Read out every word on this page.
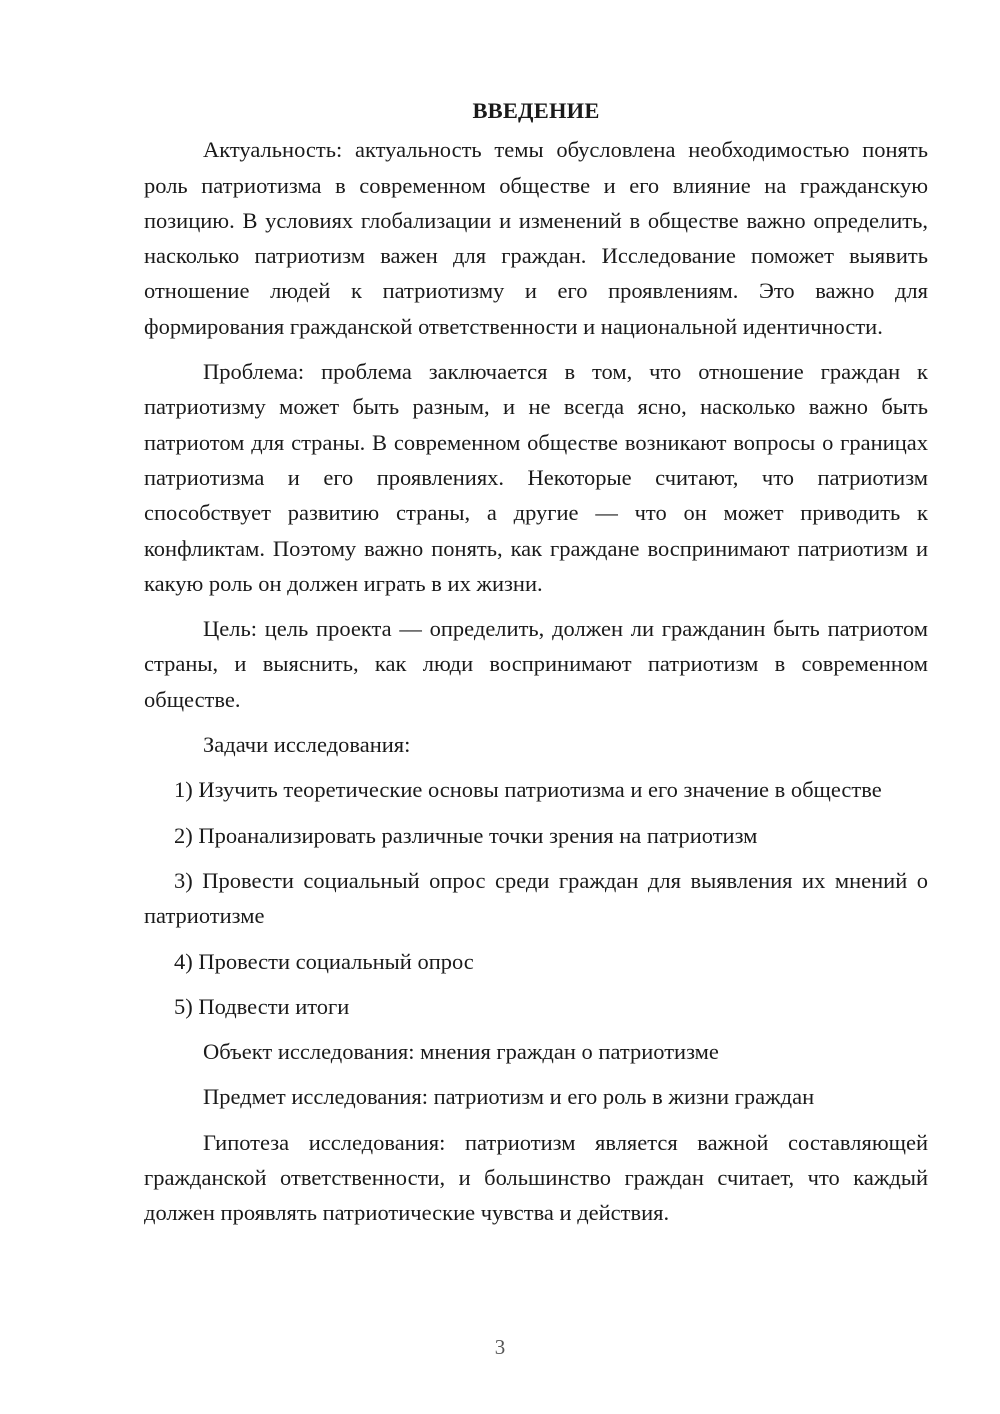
ВВЕДЕНИЕ

Актуальность: актуальность темы обусловлена необходимостью понять роль патриотизма в современном обществе и его влияние на гражданскую позицию. В условиях глобализации и изменений в обществе важно определить, насколько патриотизм важен для граждан. Исследование поможет выявить отношение людей к патриотизму и его проявлениям. Это важно для формирования гражданской ответственности и национальной идентичности.

Проблема: проблема заключается в том, что отношение граждан к патриотизму может быть разным, и не всегда ясно, насколько важно быть патриотом для страны. В современном обществе возникают вопросы о границах патриотизма и его проявлениях. Некоторые считают, что патриотизм способствует развитию страны, а другие — что он может приводить к конфликтам. Поэтому важно понять, как граждане воспринимают патриотизм и какую роль он должен играть в их жизни.

Цель: цель проекта — определить, должен ли гражданин быть патриотом страны, и выяснить, как люди воспринимают патриотизм в современном обществе.

Задачи исследования:

1) Изучить теоретические основы патриотизма и его значение в обществе

2) Проанализировать различные точки зрения на патриотизм

3) Провести социальный опрос среди граждан для выявления их мнений о патриотизме

4) Провести социальный опрос

5) Подвести итоги

Объект исследования: мнения граждан о патриотизме

Предмет исследования: патриотизм и его роль в жизни граждан

Гипотеза исследования: патриотизм является важной составляющей гражданской ответственности, и большинство граждан считает, что каждый должен проявлять патриотические чувства и действия.

3
